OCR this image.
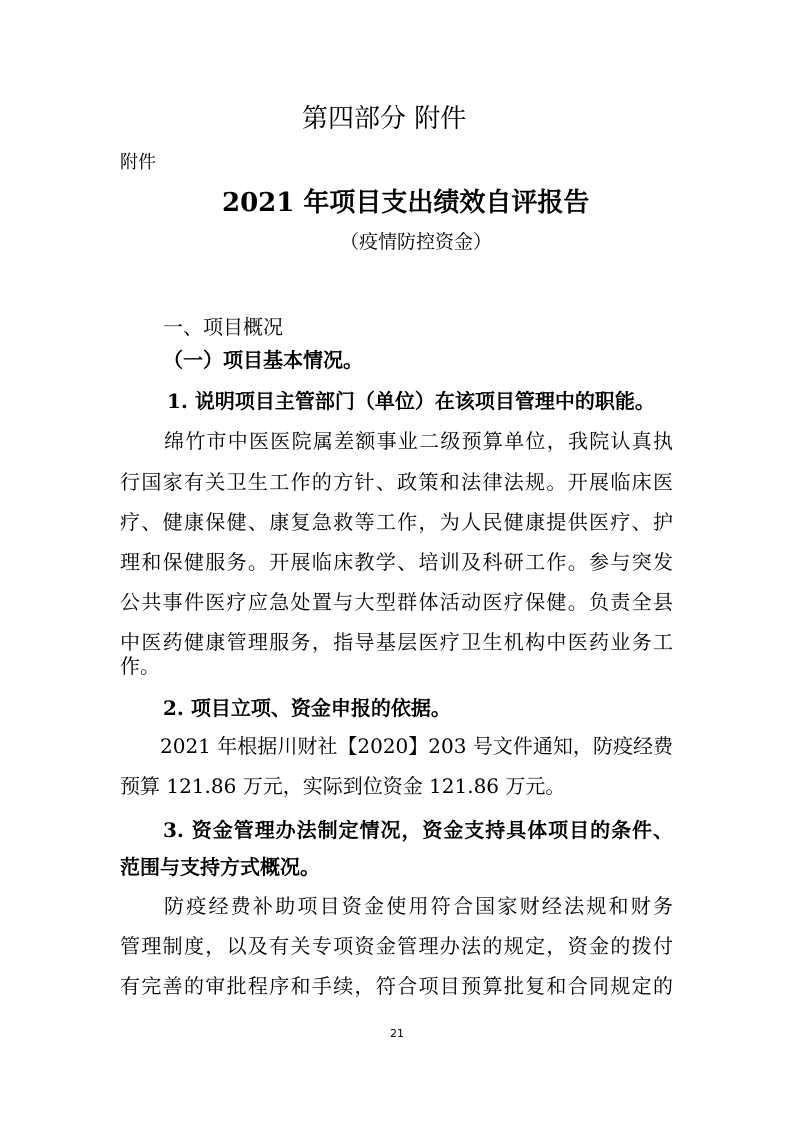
第四部分 附件
附件
2021 年项目支出绩效自评报告
（疫情防控资金）
一、项目概况
（一）项目基本情况。
1. 说明项目主管部门（单位）在该项目管理中的职能。
绵竹市中医医院属差额事业二级预算单位，我院认真执
行国家有关卫生工作的方针、政策和法律法规。开展临床医
疗、健康保健、康复急救等工作，为人民健康提供医疗、护
理和保健服务。开展临床教学、培训及科研工作。参与突发
公共事件医疗应急处置与大型群体活动医疗保健。负责全县
中医药健康管理服务，指导基层医疗卫生机构中医药业务工
作。
2. 项目立项、资金申报的依据。
2021 年根据川财社【2020】203 号文件通知，防疫经费
预算 121.86 万元，实际到位资金 121.86 万元。
3. 资金管理办法制定情况，资金支持具体项目的条件、
范围与支持方式概况。
防疫经费补助项目资金使用符合国家财经法规和财务
管理制度，以及有关专项资金管理办法的规定，资金的拨付
有完善的审批程序和手续，符合项目预算批复和合同规定的
21
